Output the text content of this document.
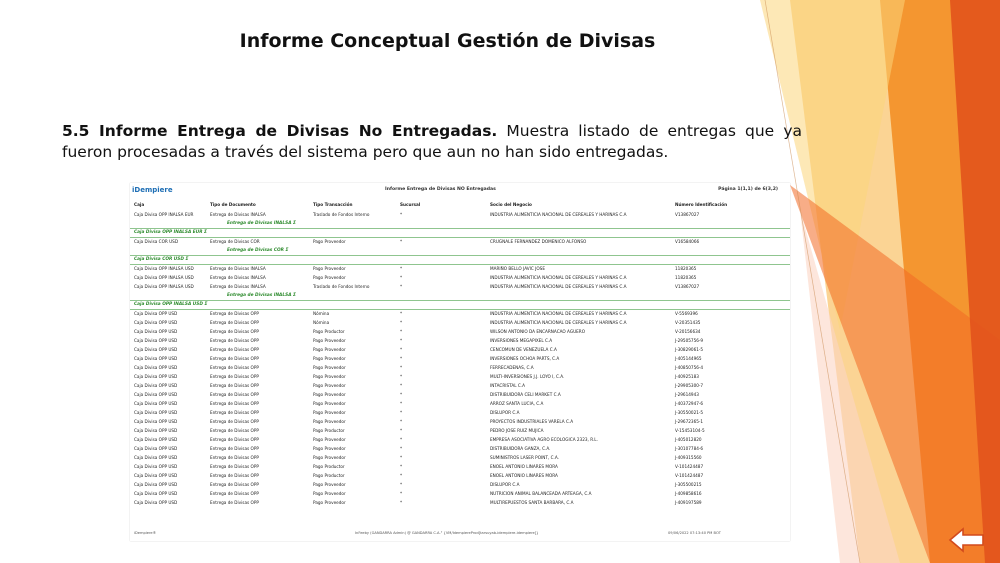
Informe Conceptual Gestión de Divisas
5.5 Informe Entrega de Divisas No Entregadas. Muestra listado de entregas que ya fueron procesadas a través del sistema pero que aun no han sido entregadas.
iDempiere	Informe Entrega de Divisas NO Entregadas	Página 1(1,1) de 6(3,2)
Caja	Tipo de Documento	Tipo Transacción	Sucursal	Socio del Negocio	Número Identificación
Caja Divisa OPP INALSA EUR	Entrega de Divisas INALSA	Traslado de Fondos Interno	*	INDUSTRIA ALIMENTICIA NACIONAL DE CEREALES Y HARINAS C.A	V13867027
Entrega de Divisas INALSA Σ
Caja Divisa OPP INALSA EUR Σ
Caja Divisa COR USD	Entrega de Divisas COR	Pago Proveedor	*	CRUGNALE FERNANDEZ DOMENICO ALFONSO	V16584066
Entrega de Divisas COR Σ
Caja Divisa COR USD Σ
Caja Divisa OPP INALSA USD	Entrega de Divisas INALSA	Pago Proveedor	*	MARIÑO BELLO JAVIC JOSE	11820365
Caja Divisa OPP INALSA USD	Entrega de Divisas INALSA	Pago Proveedor	*	INDUSTRIA ALIMENTICIA NACIONAL DE CEREALES Y HARINAS C.A	11820365
Caja Divisa OPP INALSA USD	Entrega de Divisas INALSA	Traslado de Fondos Interno	*	INDUSTRIA ALIMENTICIA NACIONAL DE CEREALES Y HARINAS C.A	V13867027
Entrega de Divisas INALSA Σ
Caja Divisa OPP INALSA USD Σ
Caja Divisa OPP USD	Entrega de Divisas OPP	Nómina	*	INDUSTRIA ALIMENTICIA NACIONAL DE CEREALES Y HARINAS C.A	V-5569396
Caja Divisa OPP USD	Entrega de Divisas OPP	Nómina	*	INDUSTRIA ALIMENTICIA NACIONAL DE CEREALES Y HARINAS C.A	V-20351435
Caja Divisa OPP USD	Entrega de Divisas OPP	Pago Productor	*	WILSON ANTONIO DA ENCARNACAO AGUERO	V-20156634
Caja Divisa OPP USD	Entrega de Divisas OPP	Pago Proveedor	*	INVERSIONES MEGAPIXEL C.A	J-29505756-9
Caja Divisa OPP USD	Entrega de Divisas OPP	Pago Proveedor	*	CENCOMUN DE VENEZUELA C.A	J-30829061-5
Caja Divisa OPP USD	Entrega de Divisas OPP	Pago Proveedor	*	INVERSIONES OCHOA PARTS, C.A	J-405144965
Caja Divisa OPP USD	Entrega de Divisas OPP	Pago Proveedor	*	FERRECADENAS, C.A	J-40850756-4
Caja Divisa OPP USD	Entrega de Divisas OPP	Pago Proveedor	*	MULTI-INVERSIONES J.J. LOYO I, C.A.	J-40925183
Caja Divisa OPP USD	Entrega de Divisas OPP	Pago Proveedor	*	INTACRISTAL C.A	J-29905300-7
Caja Divisa OPP USD	Entrega de Divisas OPP	Pago Proveedor	*	DISTRIBUIDORA CELI MARKET C.A	J-29614943
Caja Divisa OPP USD	Entrega de Divisas OPP	Pago Proveedor	*	ARROZ SANTA LUCIA, C.A	J-40372947-6
Caja Divisa OPP USD	Entrega de Divisas OPP	Pago Proveedor	*	DISLUPOR C.A	J-30550021-5
Caja Divisa OPP USD	Entrega de Divisas OPP	Pago Proveedor	*	PROYECTOS INDUSTRIALES VARELA C.A	J-29672365-1
Caja Divisa OPP USD	Entrega de Divisas OPP	Pago Productor	*	PEDRO JOSE RUIZ MUJICA	V-15453104-5
Caja Divisa OPP USD	Entrega de Divisas OPP	Pago Proveedor	*	EMPRESA ASOCIATIVA AGRO ECOLOGICA 2323, R.L.	J-405012820
Caja Divisa OPP USD	Entrega de Divisas OPP	Pago Proveedor	*	DISTRIBUIDORA GANZA, C.A.	J-30107784-6
Caja Divisa OPP USD	Entrega de Divisas OPP	Pago Proveedor	*	SUMINISTROS LASER POINT, C.A.	J-409315560
Caja Divisa OPP USD	Entrega de Divisas OPP	Pago Productor	*	ENOEL ANTONIO LINARES MORA	V-101424487
Caja Divisa OPP USD	Entrega de Divisas OPP	Pago Productor	*	ENOEL ANTONIO LINARES MORA	V-101424487
Caja Divisa OPP USD	Entrega de Divisas OPP	Pago Proveedor	*	DISLUPOR C.A	J-305500215
Caja Divisa OPP USD	Entrega de Divisas OPP	Pago Proveedor	*	NUTRICION ANIMAL BALANCEADA ARTEAGA, C.A	J-409858616
Caja Divisa OPP USD	Entrega de Divisas OPP	Pago Proveedor	*	MULTIREPUESTOS SANTA BARBARA, C.A	J-409197589
iDempiere®	InFeeby (GANDARRA Admin) @ GANDARRA C.A.° {VM/IdempiereProd[tarsuyab-idempiere-idempiere]}	09/06/2022 07:13:40 PM BOT
